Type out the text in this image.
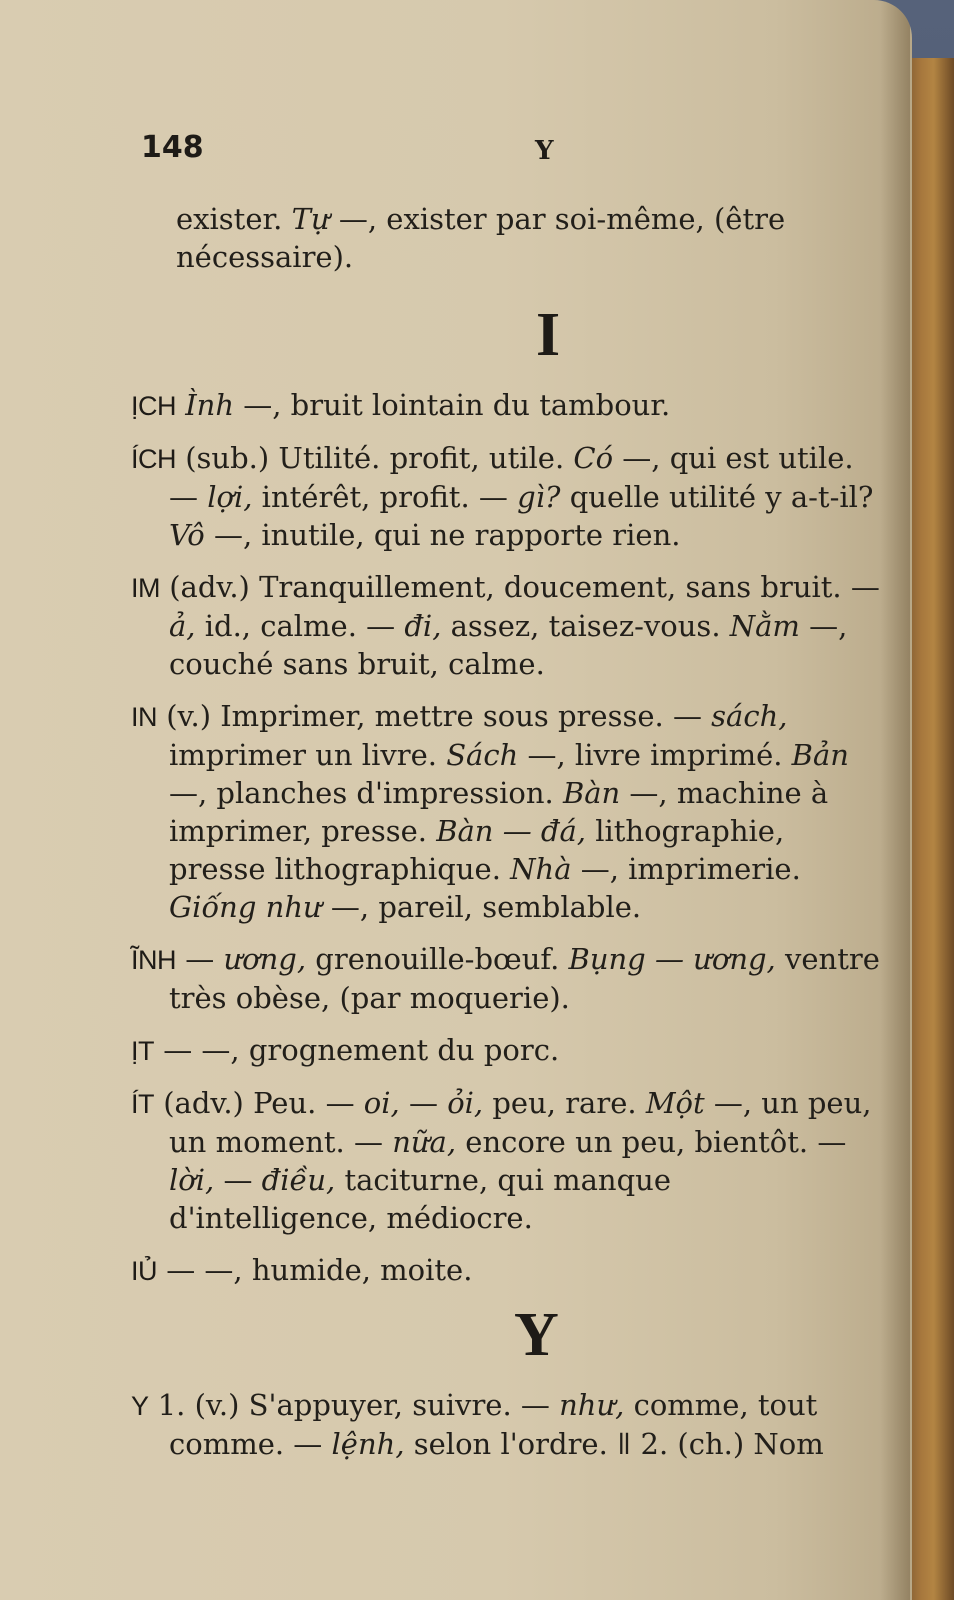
148	Y
exister. Tự —, exister par soi-même, (être nécessaire).
I
ỊCH Ình —, bruit lointain du tambour.
ÍCH (sub.) Utilité. profit, utile. Có —, qui est utile. — lợi, intérêt, profit. — gì? quelle utilité y a-t-il? Vô —, inutile, qui ne rapporte rien.
IM (adv.) Tranquillement, doucement, sans bruit. — ả, id., calme. — đi, assez, taisez-vous. Nằm —, couché sans bruit, calme.
IN (v.) Imprimer, mettre sous presse. — sách, imprimer un livre. Sách —, livre imprimé. Bản—, planches d'impression. Bàn —, machine à imprimer, presse. Bàn — đá, lithographie, presse lithographique. Nhà —, imprimerie. Giống như —, pareil, semblable.
ĨNH — ương, grenouille-bœuf. Bụng — ương, ventre très obèse, (par moquerie).
ỊT — —, grognement du porc.
ÍT (adv.) Peu. — oi, — ỏi, peu, rare. Một —, un peu, un moment. — nữa, encore un peu, bientôt. — lời, — điều, taciturne, qui manque d'intelligence, médiocre.
IỦ — —, humide, moite.
Y
Y 1. (v.) S'appuyer, suivre. — như, comme, tout comme. — lệnh, selon l'ordre. ǁ 2. (ch.) Nom
